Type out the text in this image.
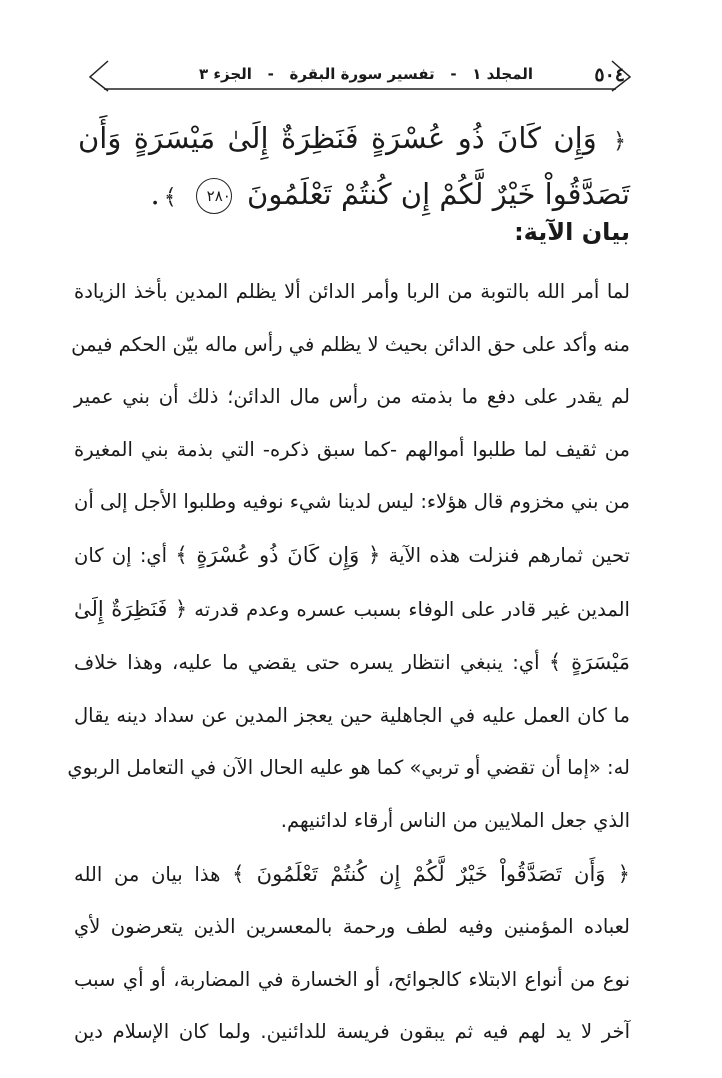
المجلد ١   -   تفسير سورة البقرة   -   الجزء ٣	٥٠٤
﴿ وَإِن كَانَ ذُو عُسْرَةٍ فَنَظِرَةٌ إِلَىٰ مَيْسَرَةٍ وَأَن تَصَدَّقُواْ خَيْرٌ لَّكُمْ إِن كُنتُمْ تَعْلَمُونَ ٢٨٠ ﴾.
بيان الآية:
لما أمر الله بالتوبة من الربا وأمر الدائن ألا يظلم المدين بأخذ الزيادة
منه وأكد على حق الدائن بحيث لا يظلم في رأس ماله بيّن الحكم فيمن
لم يقدر على دفع ما بذمته من رأس مال الدائن؛ ذلك أن بني عمير
من ثقيف لما طلبوا أموالهم -كما سبق ذكره- التي بذمة بني المغيرة
من بني مخزوم قال هؤلاء: ليس لدينا شيء نوفيه وطلبوا الأجل إلى أن
تحين ثمارهم فنزلت هذه الآية ﴿ وَإِن كَانَ ذُو عُسْرَةٍ ﴾ أي: إن كان
المدين غير قادر على الوفاء بسبب عسره وعدم قدرته ﴿ فَنَظِرَةٌ إِلَىٰ
مَيْسَرَةٍ ﴾ أي: ينبغي انتظار يسره حتى يقضي ما عليه، وهذا خلاف
ما كان العمل عليه في الجاهلية حين يعجز المدين عن سداد دينه يقال
له: «إما أن تقضي أو تربي» كما هو عليه الحال الآن في التعامل الربوي
الذي جعل الملايين من الناس أرقاء لدائنيهم.
﴿ وَأَن تَصَدَّقُواْ خَيْرٌ لَّكُمْ إِن كُنتُمْ تَعْلَمُونَ ﴾ هذا بيان من الله
لعباده المؤمنين وفيه لطف ورحمة بالمعسرين الذين يتعرضون لأي
نوع من أنواع الابتلاء كالجوائح، أو الخسارة في المضاربة، أو أي سبب
آخر لا يد لهم فيه ثم يبقون فريسة للدائنين. ولما كان الإسلام دين
